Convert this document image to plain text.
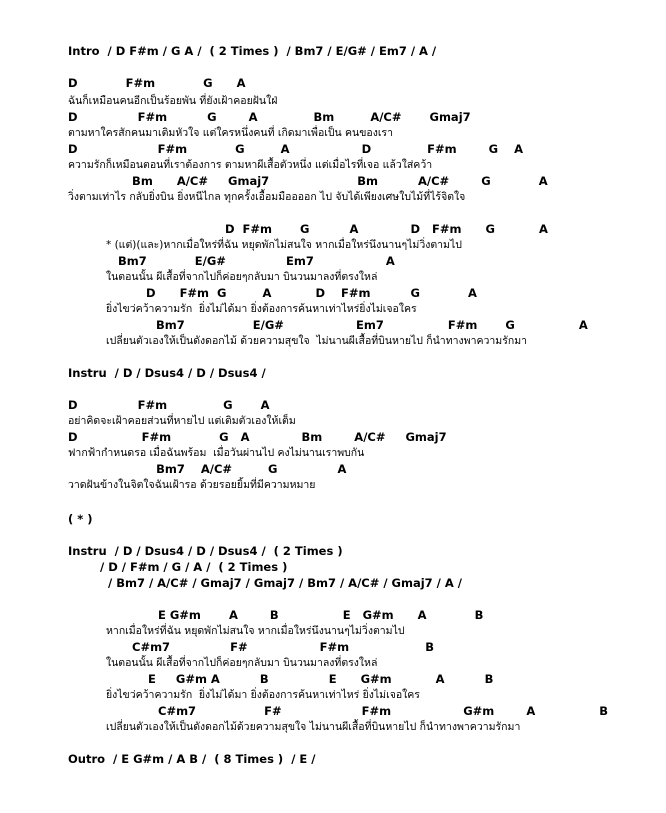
Intro  / D F#m / G A /  ( 2 Times )  / Bm7 / E/G# / Em7 / A /

D            F#m            G      A

ฉันก็เหมือนคนอีกเป็นร้อยพัน ที่ยังเฝ้าคอยฝันใฝ่

D               F#m          G        A              Bm         A/C#       Gmaj7

ตามหาใครสักคนมาเติมหัวใจ แต่ใครหนึ่งคนที่ เกิดมาเพื่อเป็น คนของเรา

D                    F#m            G         A                  D              F#m        G    A

ความรักก็เหมือนตอนที่เราต้องการ ตามหาผีเสื้อตัวหนึ่ง แต่เมื่อไรที่เจอ แล้วใส่คว้า

Bm      A/C#     Gmaj7                      Bm          A/C#        G            A

วิ่งตามเท่าไร กลับยิ่งบิน ยิ่งหนีไกล ทุกครั้งเอื้อมมืออออก ไป จับได้เพียงเศษใบไม้ที่ไร้จิตใจ

D  F#m       G          A             D   F#m      G           A

* (แต่)(และ)หากเมื่อใหร่ที่ฉัน หยุดพักไม่สนใจ หากเมื่อใหร่นึงนานๆไม่วิ่งตามไป

Bm7            E/G#               Em7                  A

ในตอนนั้น ผีเสื้อที่จากไปก็ค่อยๆกลับมา บินวนมาลงที่ตรงใหล่

D      F#m  G         A           D    F#m          G            A

ยิ่งไขว่คว้าความรัก  ยิ่งไม่ได้มา ยิ่งต้องการค้นหาเท่าไหร่ยิ่งไม่เจอใคร

Bm7                 E/G#                  Em7                F#m       G                A

เปลี่ยนตัวเองให้เป็นดังดอกไม้ ด้วยความสุขใจ  ไม่นานผีเสื้อที่บินหายไป ก็นำทางพาความรักมา

Instru  / D / Dsus4 / D / Dsus4 /

D               F#m              G       A

อย่าคิดจะเฝ้าคอยส่วนที่หายไป แต่เติมตัวเองให้เต็ม

D                F#m            G   A             Bm        A/C#     Gmaj7

ฟากฟ้ากำหนดรอ เมื่อฉันพร้อม  เมื่อวันผ่านไป คงไม่นานเราพบกัน

Bm7    A/C#         G               A

วาดฝันข้างในจิตใจฉันเฝ้ารอ ด้วยรอยยิ้มที่มีความหมาย

( * )

Instru  / D / Dsus4 / D / Dsus4 /  ( 2 Times )

/ D / F#m / G / A /  ( 2 Times )

/ Bm7 / A/C# / Gmaj7 / Gmaj7 / Bm7 / A/C# / Gmaj7 / A /

E G#m       A        B                E   G#m      A            B

หากเมื่อใหร่ที่ฉัน หยุดพักไม่สนใจ หากเมื่อใหร่นึงนานๆไม่วิ่งตามไป

C#m7               F#                  F#m                   B

ในตอนนั้น ผีเสื้อที่จากไปก็ค่อยๆกลับมา บินวนมาลงที่ตรงใหล่

E     G#m A          B               E      G#m           A          B

ยิ่งไขว่คว้าความรัก  ยิ่งไม่ได้มา ยิ่งต้องการค้นหาเท่าไหร่ ยิ่งไม่เจอใคร

C#m7                 F#                    F#m                  G#m        A                B

เปลี่ยนตัวเองให้เป็นดังดอกไม้ด้วยความสุขใจ ไม่นานผีเสื้อที่บินหายไป ก็นำทางพาความรักมา

Outro  / E G#m / A B /  ( 8 Times )  / E /
